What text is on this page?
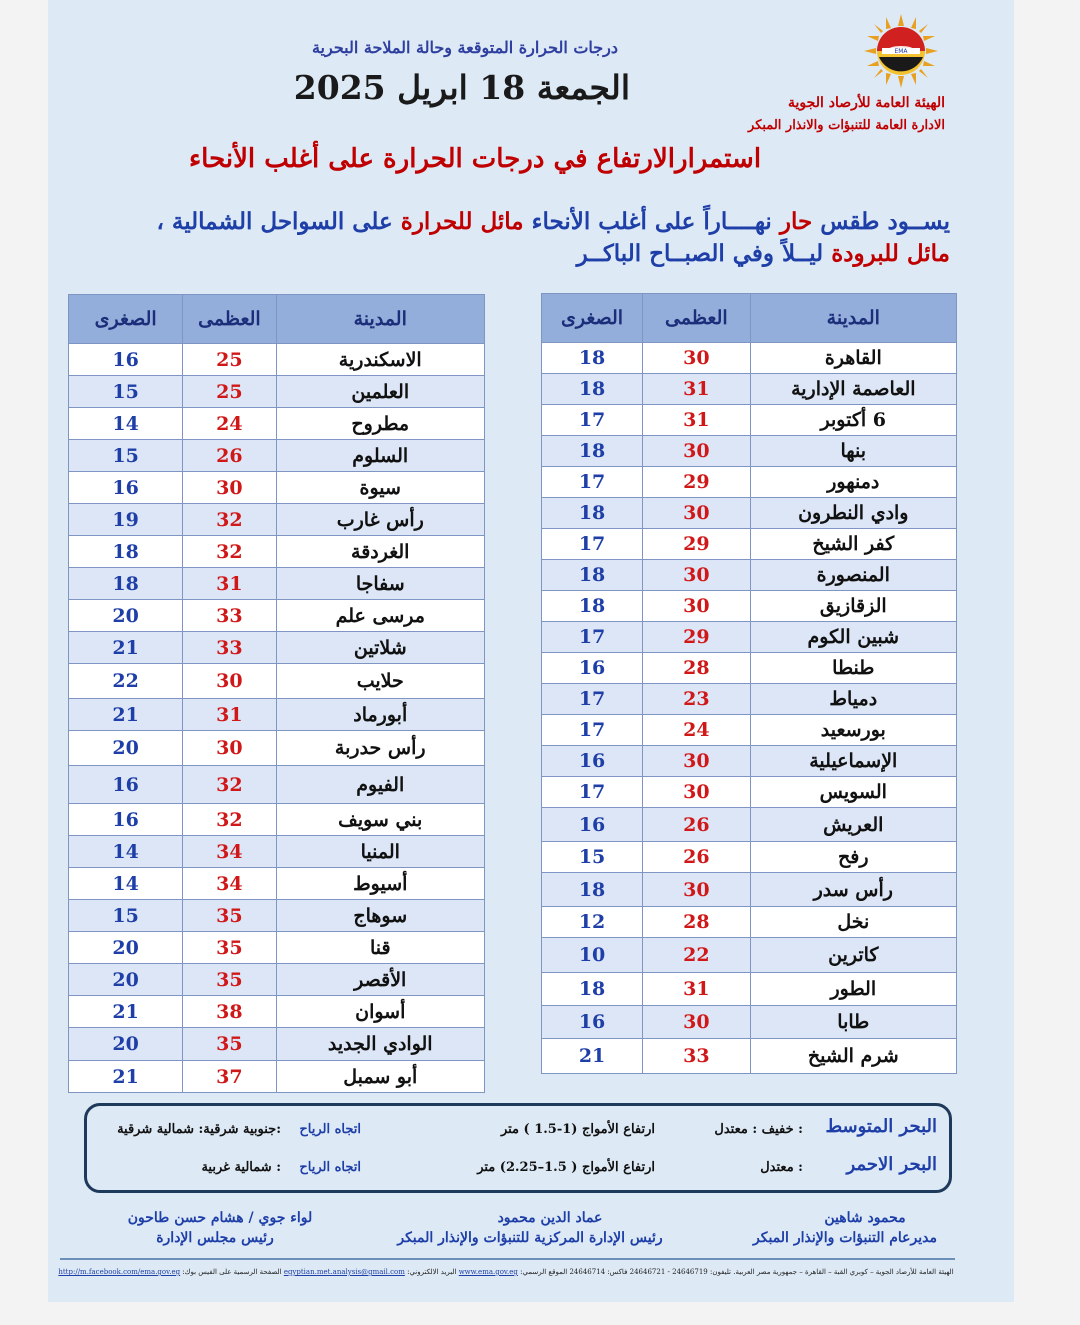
EMA
الهيئة العامة للأرصاد الجوية
الادارة العامة للتنبؤات والانذار المبكر
درجات الحرارة المتوقعة وحالة الملاحة البحرية
الجمعة 18 ابريل 2025
استمرارالارتفاع في درجات الحرارة على أغلب الأنحاء
يســود طقس حار نهــــاراً على أغلب الأنحاء مائل للحرارة على السواحل الشمالية ، مائل للبرودة ليــلاً وفي الصبــاح الباكــر
المدينة	العظمى	الصغرى
القاهرة	30	18
العاصمة الإدارية	31	18
6 أكتوبر	31	17
بنها	30	18
دمنهور	29	17
وادي النطرون	30	18
كفر الشيخ	29	17
المنصورة	30	18
الزقازيق	30	18
شبين الكوم	29	17
طنطا	28	16
دمياط	23	17
بورسعيد	24	17
الإسماعيلية	30	16
السويس	30	17
العريش	26	16
رفح	26	15
رأس سدر	30	18
نخل	28	12
كاترين	22	10
الطور	31	18
طابا	30	16
شرم الشيخ	33	21
المدينة	العظمى	الصغرى
الاسكندرية	25	16
العلمين	25	15
مطروح	24	14
السلوم	26	15
سيوة	30	16
رأس غارب	32	19
الغردقة	32	18
سفاجا	31	18
مرسى علم	33	20
شلاتين	33	21
حلايب	30	22
أبورماد	31	21
رأس حدربة	30	20
الفيوم	32	16
بني سويف	32	16
المنيا	34	14
أسيوط	34	14
سوهاج	35	15
قنا	35	20
الأقصر	35	20
أسوان	38	21
الوادي الجديد	35	20
أبو سمبل	37	21
البحر المتوسط
: خفيف : معتدل
ارتفاع الأمواج (1-1.5 ) متر
اتجاه الرياح
:جنوبية شرقية: شمالية شرقية
البحر الاحمر
: معتدل
ارتفاع الأمواج ( 1.5–2.25) متر
اتجاه الرياح
: شمالية غربية
محمود شاهين
مديرعام التنبؤات والإنذار المبكر
عماد الدين محمود
رئيس الإدارة المركزية للتنبؤات والإنذار المبكر
لواء جوي / هشام حسن طاحون
رئيس مجلس الإدارة
الهيئة العامة للأرصاد الجوية – كوبري القبة – القاهرة – جمهورية مصر العربية. تليفون: 24646719 - 24646721 فاكس: 24646714 الموقع الرسمي: www.ema.gov.eg البريد الالكتروني: egyptian.met.analysis@gmail.com الصفحة الرسمية على الفيس بوك: http://m.facebook.com/ema.gov.eg
